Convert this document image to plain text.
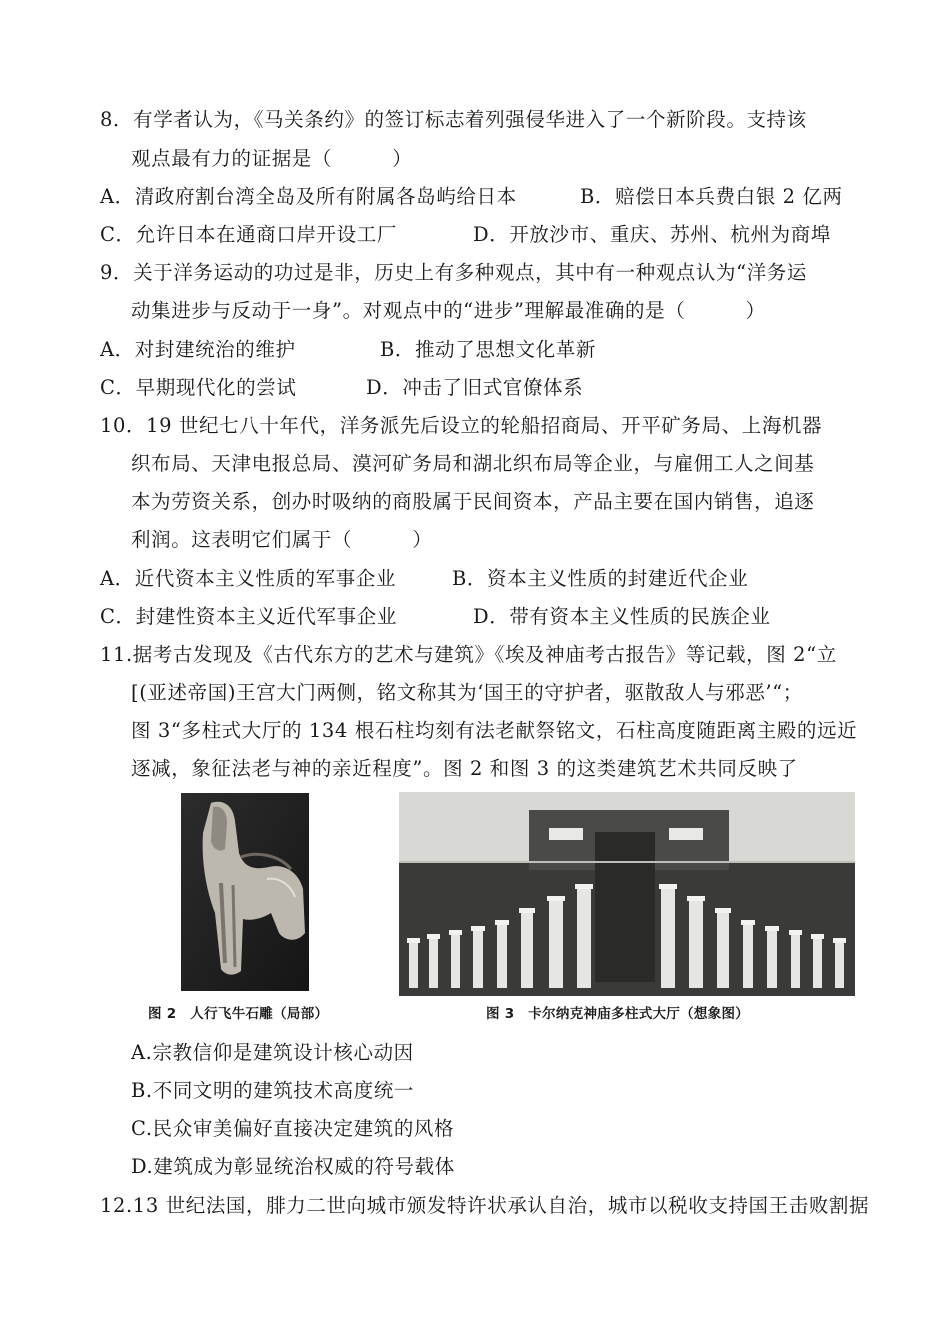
8．有学者认为，《马关条约》的签订标志着列强侵华进入了一个新阶段。支持该
观点最有力的证据是（　　　）
A．清政府割台湾全岛及所有附属各岛屿给日本	B．赔偿日本兵费白银 2 亿两
C．允许日本在通商口岸开设工厂	D．开放沙市、重庆、苏州、杭州为商埠
9．关于洋务运动的功过是非，历史上有多种观点，其中有一种观点认为“洋务运
动集进步与反动于一身”。对观点中的“进步”理解最准确的是（　　　）
A．对封建统治的维护	B．推动了思想文化革新
C．早期现代化的尝试	D．冲击了旧式官僚体系
10．19 世纪七八十年代，洋务派先后设立的轮船招商局、开平矿务局、上海机器
织布局、天津电报总局、漠河矿务局和湖北织布局等企业，与雇佣工人之间基
本为劳资关系，创办时吸纳的商股属于民间资本，产品主要在国内销售，追逐
利润。这表明它们属于（　　　）
A．近代资本主义性质的军事企业	B．资本主义性质的封建近代企业
C．封建性资本主义近代军事企业	D．带有资本主义性质的民族企业
11.据考古发现及《古代东方的艺术与建筑》《埃及神庙考古报告》等记载，图 2“立
[(亚述帝国)王宫大门两侧，铭文称其为‘国王的守护者，驱散敌人与邪恶’“；
图 3“多柱式大厅的 134 根石柱均刻有法老献祭铭文，石柱高度随距离主殿的远近
逐减，象征法老与神的亲近程度”。图 2 和图 3 的这类建筑艺术共同反映了
图 2　人行飞牛石雕（局部）	图 3　卡尔纳克神庙多柱式大厅（想象图）
A.宗教信仰是建筑设计核心动因
B.不同文明的建筑技术高度统一
C.民众审美偏好直接决定建筑的风格
D.建筑成为彰显统治权威的符号载体
12.13 世纪法国，腓力二世向城市颁发特许状承认自治，城市以税收支持国王击败割据
